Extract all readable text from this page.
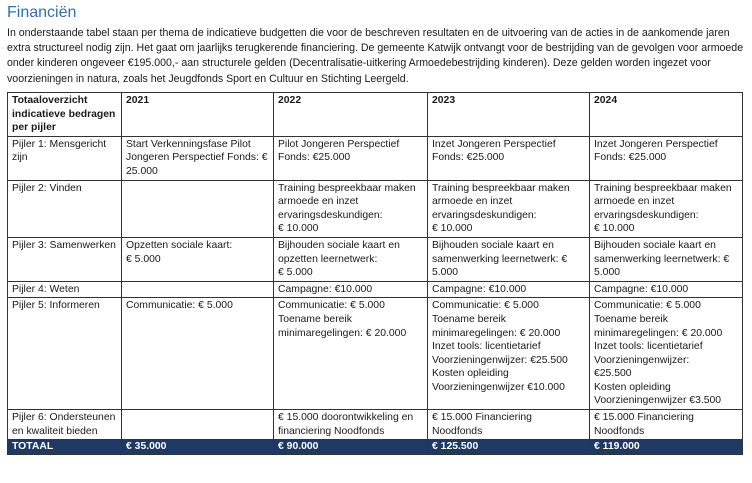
Financiën

In onderstaande tabel staan per thema de indicatieve budgetten die voor de beschreven resultaten en de uitvoering van de acties in de aankomende jaren extra structureel nodig zijn. Het gaat om jaarlijks terugkerende financiering. De gemeente Katwijk ontvangt voor de bestrijding van de gevolgen voor armoede onder kinderen ongeveer €195.000,- aan structurele gelden (Decentralisatie-uitkering Armoedebestrijding kinderen). Deze gelden worden ingezet voor voorzieningen in natura, zoals het Jeugdfonds Sport en Cultuur en Stichting Leergeld.

Totaaloverzicht indicatieve bedragen per pijler	2021	2022	2023	2024
Pijler 1: Mensgericht zijn	Start Verkenningsfase Pilot Jongeren Perspectief Fonds: € 25.000	Pilot Jongeren Perspectief Fonds: €25.000	Inzet Jongeren Perspectief Fonds: €25.000	Inzet Jongeren Perspectief Fonds: €25.000
Pijler 2: Vinden		Training bespreekbaar maken armoede en inzet ervaringsdeskundigen:
€ 10.000	Training bespreekbaar maken armoede en inzet ervaringsdeskundigen:
€ 10.000	Training bespreekbaar maken armoede en inzet ervaringsdeskundigen:
€ 10.000
Pijler 3: Samenwerken	Opzetten sociale kaart:
€ 5.000	Bijhouden sociale kaart en opzetten leernetwerk:
€ 5.000	Bijhouden sociale kaart en samenwerking leernetwerk: € 5.000	Bijhouden sociale kaart en samenwerking leernetwerk: € 5.000
Pijler 4: Weten		Campagne: €10.000	Campagne: €10.000	Campagne: €10.000
Pijler 5: Informeren	Communicatie: € 5.000	Communicatie: € 5.000
Toename bereik minimaregelingen: € 20.000	Communicatie: € 5.000
Toename bereik minimaregelingen: € 20.000
Inzet tools: licentietarief Voorzieningenwijzer: €25.500
Kosten opleiding Voorzieningenwijzer €10.000	Communicatie: € 5.000
Toename bereik minimaregelingen: € 20.000
Inzet tools: licentietarief Voorzieningenwijzer:
€25.500
Kosten opleiding Voorzieningenwijzer €3.500
Pijler 6: Ondersteunen en kwaliteit bieden		€ 15.000 doorontwikkeling en financiering Noodfonds	€ 15.000 Financiering Noodfonds	€ 15.000 Financiering Noodfonds
TOTAAL	€ 35.000	€ 90.000	€ 125.500	€ 119.000
